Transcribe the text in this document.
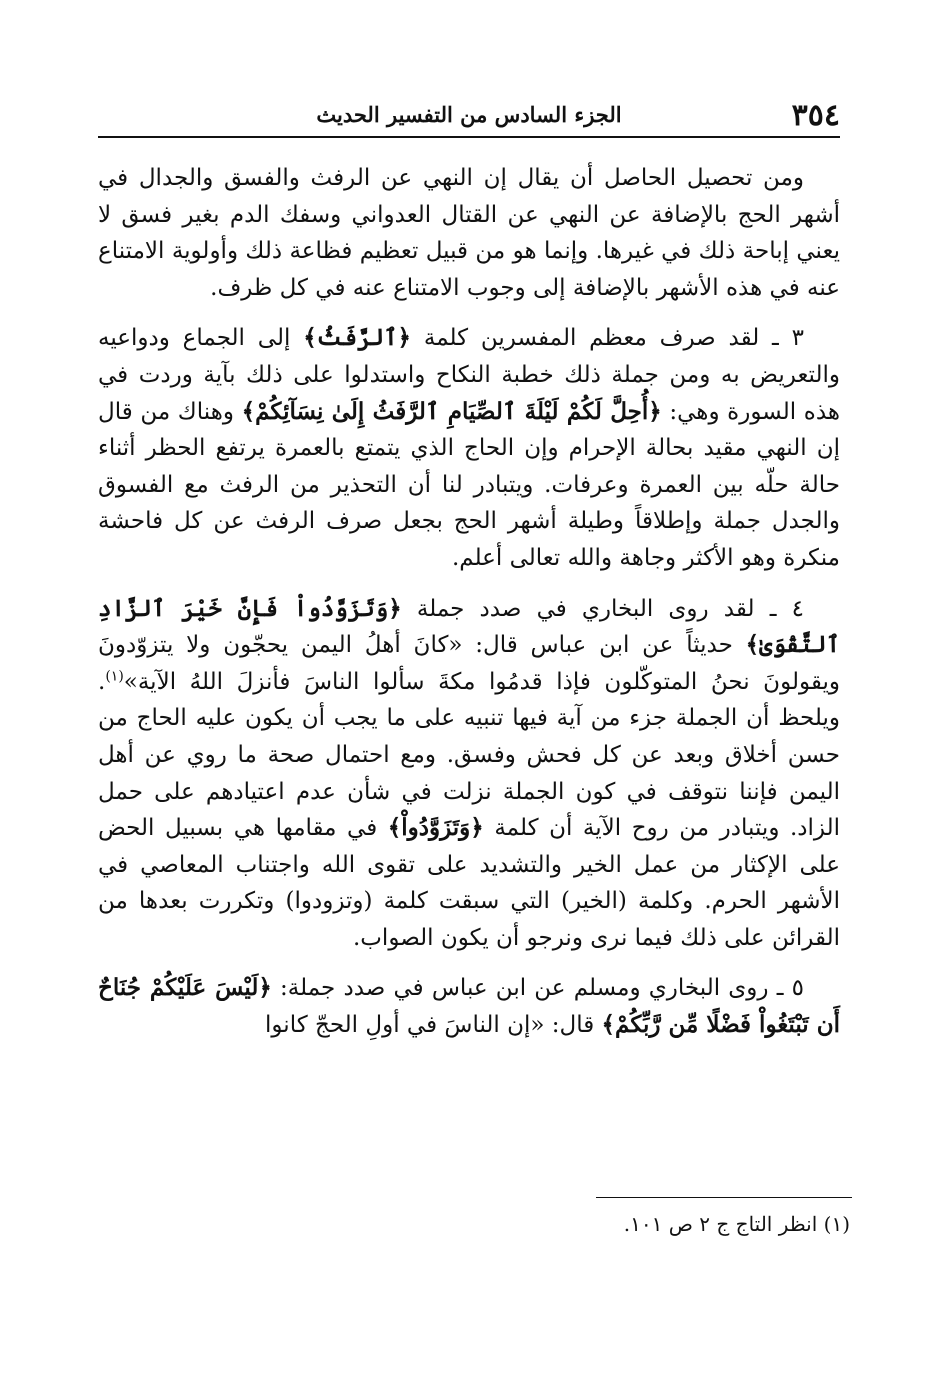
٣٥٤
الجزء السادس من التفسير الحديث

ومن تحصيل الحاصل أن يقال إن النهي عن الرفث والفسق والجدال في أشهر الحج بالإضافة عن النهي عن القتال العدواني وسفك الدم بغير فسق لا يعني إباحة ذلك في غيرها. وإنما هو من قبيل تعظيم فظاعة ذلك وأولوية الامتناع عنه في هذه الأشهر بالإضافة إلى وجوب الامتناع عنه في كل ظرف.

٣ ـ لقد صرف معظم المفسرين كلمة ﴿ٱلرَّفَثُ﴾ إلى الجماع ودواعيه والتعريض به ومن جملة ذلك خطبة النكاح واستدلوا على ذلك بآية وردت في هذه السورة وهي: ﴿أُحِلَّ لَكُمْ لَيْلَةَ ٱلصِّيَامِ ٱلرَّفَثُ إِلَىٰ نِسَآئِكُمْ﴾ وهناك من قال إن النهي مقيد بحالة الإحرام وإن الحاج الذي يتمتع بالعمرة يرتفع الحظر أثناء حالة حلّه بين العمرة وعرفات. ويتبادر لنا أن التحذير من الرفث مع الفسوق والجدل جملة وإطلاقاً وطيلة أشهر الحج بجعل صرف الرفث عن كل فاحشة منكرة وهو الأكثر وجاهة والله تعالى أعلم.

٤ ـ لقد روى البخاري في صدد جملة ﴿وَتَزَوَّدُواْ فَإِنَّ خَيْرَ ٱلزَّادِ ٱلتَّقْوَىٰ﴾ حديثاً عن ابن عباس قال: «كانَ أهلُ اليمن يحجّون ولا يتزوّدونَ ويقولونَ نحنُ المتوكّلون فإذا قدمُوا مكةَ سألوا الناسَ فأنزلَ اللهُ الآية»$^{(١)}$. ويلحظ أن الجملة جزء من آية فيها تنبيه على ما يجب أن يكون عليه الحاج من حسن أخلاق وبعد عن كل فحش وفسق. ومع احتمال صحة ما روي عن أهل اليمن فإننا نتوقف في كون الجملة نزلت في شأن عدم اعتيادهم على حمل الزاد. ويتبادر من روح الآية أن كلمة ﴿وَتَزَوَّدُواْ﴾ في مقامها هي بسبيل الحض على الإكثار من عمل الخير والتشديد على تقوى الله واجتناب المعاصي في الأشهر الحرم. وكلمة (الخير) التي سبقت كلمة (وتزودوا) وتكررت بعدها من القرائن على ذلك فيما نرى ونرجو أن يكون الصواب.

٥ ـ روى البخاري ومسلم عن ابن عباس في صدد جملة: ﴿لَيْسَ عَلَيْكُمْ جُنَاحٌ أَن تَبْتَغُواْ فَضْلًا مِّن رَّبِّكُمْ﴾ قال: «إن الناسَ في أولِ الحجّ كانوا

(١) انظر التاج ج ٢ ص ١٠١.
